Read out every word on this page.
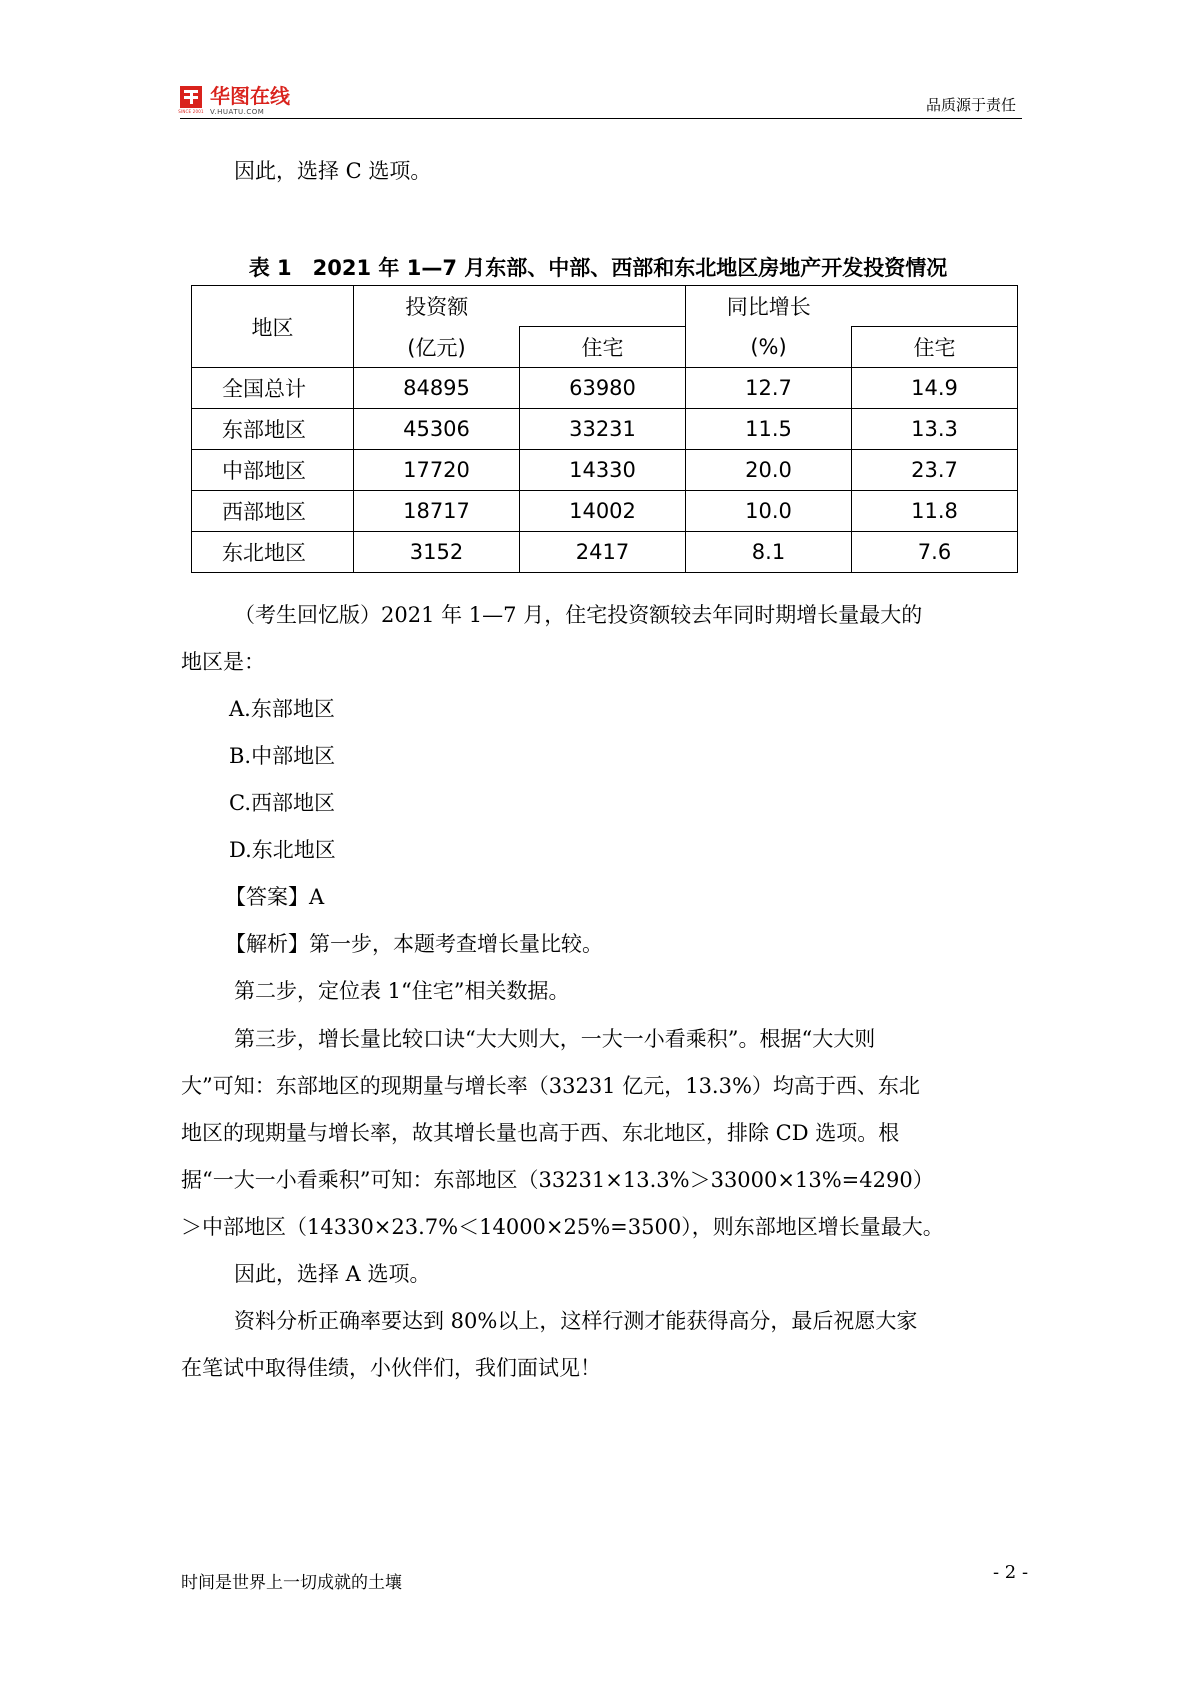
SINCE 2001
华图在线
V.HUATU.COM	品质源于责任
因此，选择 C 选项。
表 1　2021 年 1—7 月东部、中部、西部和东北地区房地产开发投资情况
地区	投资额		同比增长	
	(亿元)	住宅	(%)	住宅
全国总计	84895	63980	12.7	14.9
东部地区	45306	33231	11.5	13.3
中部地区	17720	14330	20.0	23.7
西部地区	18717	14002	10.0	11.8
东北地区	3152	2417	8.1	7.6
（考生回忆版）2021 年 1—7 月，住宅投资额较去年同时期增长量最大的
地区是：
A.东部地区
B.中部地区
C.西部地区
D.东北地区
【答案】A
【解析】第一步，本题考查增长量比较。
第二步，定位表 1“住宅”相关数据。
第三步，增长量比较口诀“大大则大，一大一小看乘积”。根据“大大则
大”可知：东部地区的现期量与增长率（33231 亿元，13.3%）均高于西、东北
地区的现期量与增长率，故其增长量也高于西、东北地区，排除 CD 选项。根
据“一大一小看乘积”可知：东部地区（33231×13.3%＞33000×13%=4290）
＞中部地区（14330×23.7%＜14000×25%=3500），则东部地区增长量最大。
因此，选择 A 选项。
资料分析正确率要达到 80%以上，这样行测才能获得高分，最后祝愿大家
在笔试中取得佳绩，小伙伴们，我们面试见！
时间是世界上一切成就的土壤	- 2 -
